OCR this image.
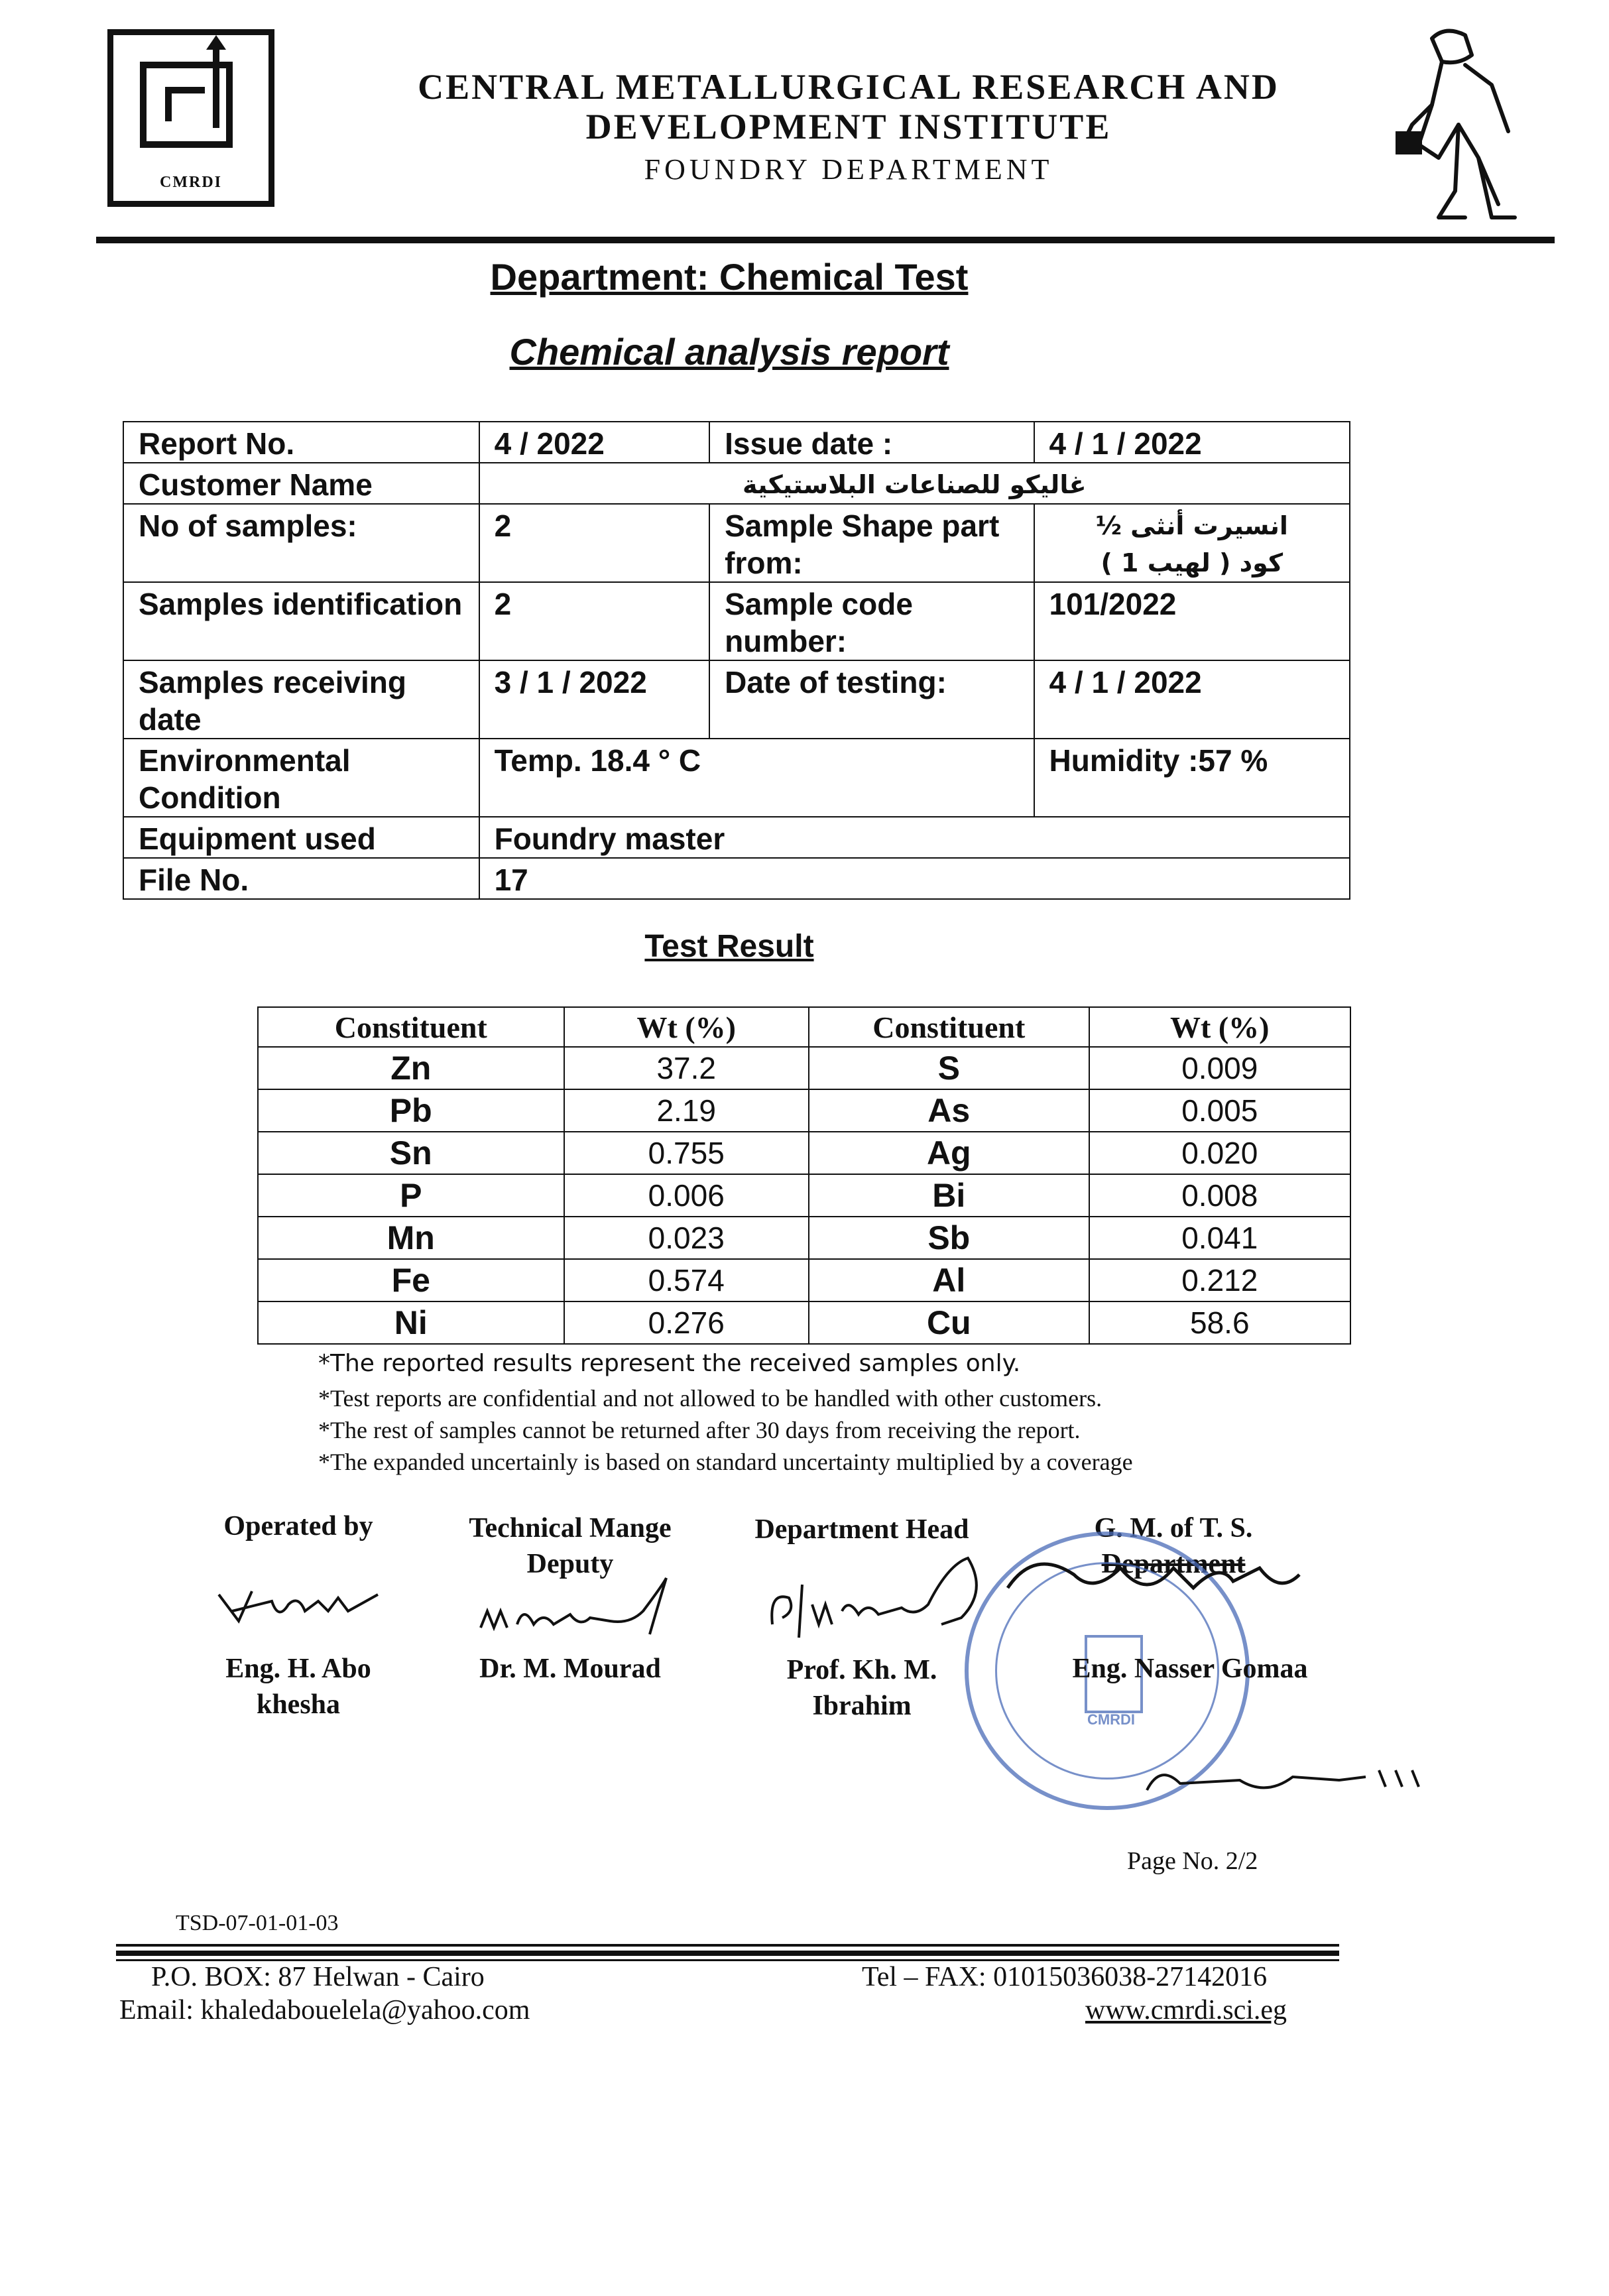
CMRDI
CENTRAL METALLURGICAL RESEARCH AND
DEVELOPMENT INSTITUTE
FOUNDRY DEPARTMENT
Department: Chemical Test
Chemical analysis report
Report No.	4 / 2022	Issue date :	4 / 1 / 2022
Customer Name	غاليكو للصناعات البلاستيكية		
No of samples:	2	Sample Shape part from:	انسيرت أنثى ½
كود ( لهيب 1 )

Samples identification	2	Sample code number:	101/2022
Samples receiving date	3 / 1 / 2022	Date of testing:	4 / 1 / 2022
Environmental Condition	Temp. 18.4 ° C		Humidity :57 %
Equipment used	Foundry master		
File No.	17		
Test Result
Constituent	Wt (%)	Constituent	Wt (%)
Zn	37.2	S	0.009
Pb	2.19	As	0.005
Sn	0.755	Ag	0.020
P	0.006	Bi	0.008
Mn	0.023	Sb	0.041
Fe	0.574	Al	0.212
Ni	0.276	Cu	58.6
*The reported results represent the received samples only.
*Test reports are confidential and not allowed to be handled with other customers.
*The rest of samples cannot be returned after 30 days from receiving the report.
*The expanded uncertainly is based on standard uncertainty multiplied by a coverage
Operated by
Eng. H. Abo
khesha
Technical Mange
Deputy
Dr. M. Mourad
Department Head
Prof. Kh. M.
Ibrahim
G. M. of T. S.
Department
CMRDI
Eng. Nasser Gomaa
Page No. 2/2
TSD-07-01-01-03
P.O. BOX: 87 Helwan - Cairo
Email: khaledabouelela@yahoo.com
Tel – FAX: 01015036038-27142016
www.cmrdi.sci.eg
